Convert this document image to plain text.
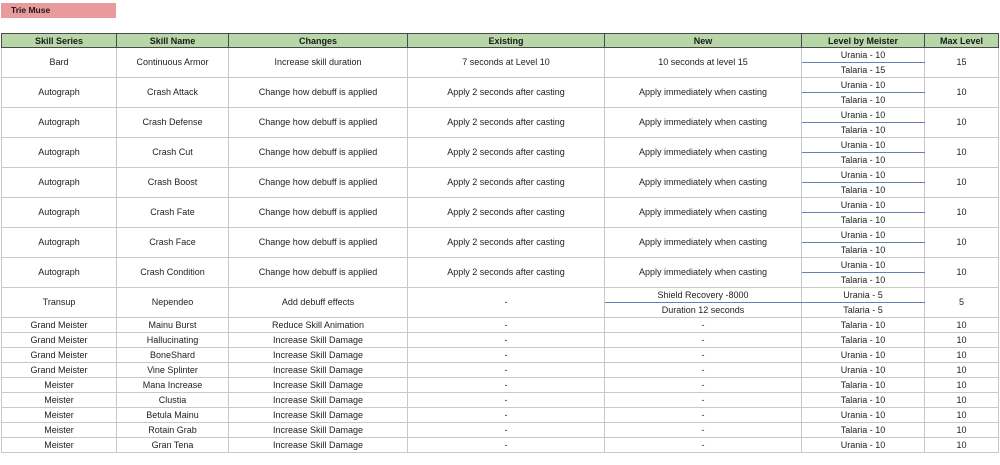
Trie Muse
Skill Series	Skill Name	Changes	Existing	New	Level by Meister	Max Level
Bard	Continuous Armor	Increase skill duration	7 seconds at Level 10	10 seconds at level 15	Urania - 10	15
					Talaria - 15	
Autograph	Crash Attack	Change how debuff is applied	Apply 2 seconds after casting	Apply immediately when casting	Urania - 10	10
					Talaria - 10	
Autograph	Crash Defense	Change how debuff is applied	Apply 2 seconds after casting	Apply immediately when casting	Urania - 10	10
					Talaria - 10	
Autograph	Crash Cut	Change how debuff is applied	Apply 2 seconds after casting	Apply immediately when casting	Urania - 10	10
					Talaria - 10	
Autograph	Crash Boost	Change how debuff is applied	Apply 2 seconds after casting	Apply immediately when casting	Urania - 10	10
					Talaria - 10	
Autograph	Crash Fate	Change how debuff is applied	Apply 2 seconds after casting	Apply immediately when casting	Urania - 10	10
					Talaria - 10	
Autograph	Crash Face	Change how debuff is applied	Apply 2 seconds after casting	Apply immediately when casting	Urania - 10	10
					Talaria - 10	
Autograph	Crash Condition	Change how debuff is applied	Apply 2 seconds after casting	Apply immediately when casting	Urania - 10	10
					Talaria - 10	
Transup	Nependeo	Add debuff effects	-	Shield Recovery -8000	Urania - 5	5
				Duration 12 seconds	Talaria - 5	
Grand Meister	Mainu Burst	Reduce Skill Animation	-	-	Talaria - 10	10
Grand Meister	Hallucinating	Increase Skill Damage	-	-	Talaria - 10	10
Grand Meister	BoneShard	Increase Skill Damage	-	-	Urania - 10	10
Grand Meister	Vine Splinter	Increase Skill Damage	-	-	Urania - 10	10
Meister	Mana Increase	Increase Skill Damage	-	-	Talaria - 10	10
Meister	Clustia	Increase Skill Damage	-	-	Talaria - 10	10
Meister	Betula Mainu	Increase Skill Damage	-	-	Urania - 10	10
Meister	Rotain Grab	Increase Skill Damage	-	-	Talaria - 10	10
Meister	Gran Tena	Increase Skill Damage	-	-	Urania - 10	10
